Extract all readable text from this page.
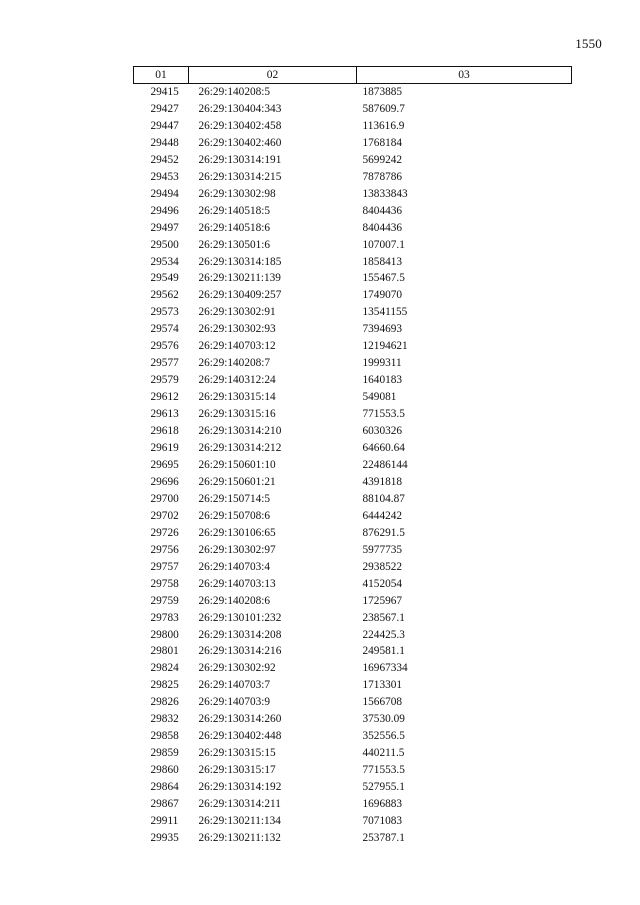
1550
01	02	03
29415	26:29:140208:5	1873885
29427	26:29:130404:343	587609.7
29447	26:29:130402:458	113616.9
29448	26:29:130402:460	1768184
29452	26:29:130314:191	5699242
29453	26:29:130314:215	7878786
29494	26:29:130302:98	13833843
29496	26:29:140518:5	8404436
29497	26:29:140518:6	8404436
29500	26:29:130501:6	107007.1
29534	26:29:130314:185	1858413
29549	26:29:130211:139	155467.5
29562	26:29:130409:257	1749070
29573	26:29:130302:91	13541155
29574	26:29:130302:93	7394693
29576	26:29:140703:12	12194621
29577	26:29:140208:7	1999311
29579	26:29:140312:24	1640183
29612	26:29:130315:14	549081
29613	26:29:130315:16	771553.5
29618	26:29:130314:210	6030326
29619	26:29:130314:212	64660.64
29695	26:29:150601:10	22486144
29696	26:29:150601:21	4391818
29700	26:29:150714:5	88104.87
29702	26:29:150708:6	6444242
29726	26:29:130106:65	876291.5
29756	26:29:130302:97	5977735
29757	26:29:140703:4	2938522
29758	26:29:140703:13	4152054
29759	26:29:140208:6	1725967
29783	26:29:130101:232	238567.1
29800	26:29:130314:208	224425.3
29801	26:29:130314:216	249581.1
29824	26:29:130302:92	16967334
29825	26:29:140703:7	1713301
29826	26:29:140703:9	1566708
29832	26:29:130314:260	37530.09
29858	26:29:130402:448	352556.5
29859	26:29:130315:15	440211.5
29860	26:29:130315:17	771553.5
29864	26:29:130314:192	527955.1
29867	26:29:130314:211	1696883
29911	26:29:130211:134	7071083
29935	26:29:130211:132	253787.1
